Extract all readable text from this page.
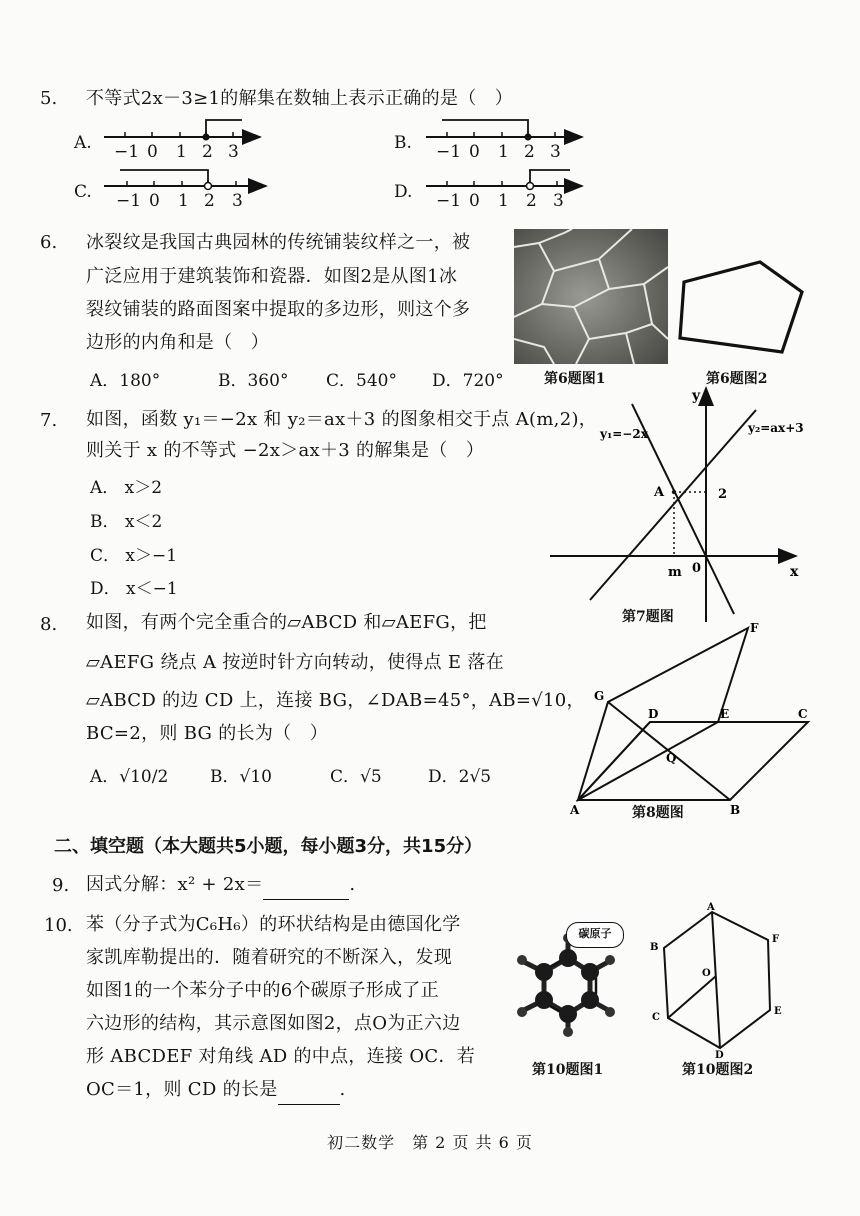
5. 不等式2x－3≥1的解集在数轴上表示正确的是（　）
A.	B.
C.	D.
−1 0 1 2 3	−1 0 1 2 3
−1 0 1 2 3	−1 0 1 2 3
6. 冰裂纹是我国古典园林的传统铺装纹样之一，被
广泛应用于建筑装饰和瓷器．如图2是从图1冰
裂纹铺装的路面图案中提取的多边形，则这个多
边形的内角和是（　）
A．180°	B．360° C．540° D．720°	第6题图1	第6题图2
7. 如图，函数 y₁＝−2x 和 y₂＝ax＋3 的图象相交于点 A(m,2)，
则关于 x 的不等式 −2x＞ax＋3 的解集是（　）
A． x＞2
B． x＜2
C． x＞−1
D． x＜−1
y₁=−2x	y₂=ax+3
A	2
m 0	x
y
第7题图
8. 如图，有两个完全重合的▱ABCD 和▱AEFG，把
▱AEFG 绕点 A 按逆时针方向转动，使得点 E 落在
▱ABCD 的边 CD 上，连接 BG，∠DAB=45°，AB=√10，
BC=2，则 BG 的长为（　）
A．√10/2 B．√10	C．√5	D．2√5
F
G
D	E	C
Q
A	B
第8题图
二、填空题（本大题共5小题，每小题3分，共15分）
9. 因式分解：x² + 2x＝	.
10. 苯（分子式为C₆H₆）的环状结构是由德国化学
家凯库勒提出的．随着研究的不断深入，发现
如图1的一个苯分子中的6个碳原子形成了正
六边形的结构，其示意图如图2，点O为正六边
形 ABCDEF 对角线 AD 的中点，连接 OC．若
OC＝1，则 CD 的长是	.
碳原子
第10题图1
A
B
C
D
E
F
O
第10题图2
初二数学　第 2 页 共 6 页
